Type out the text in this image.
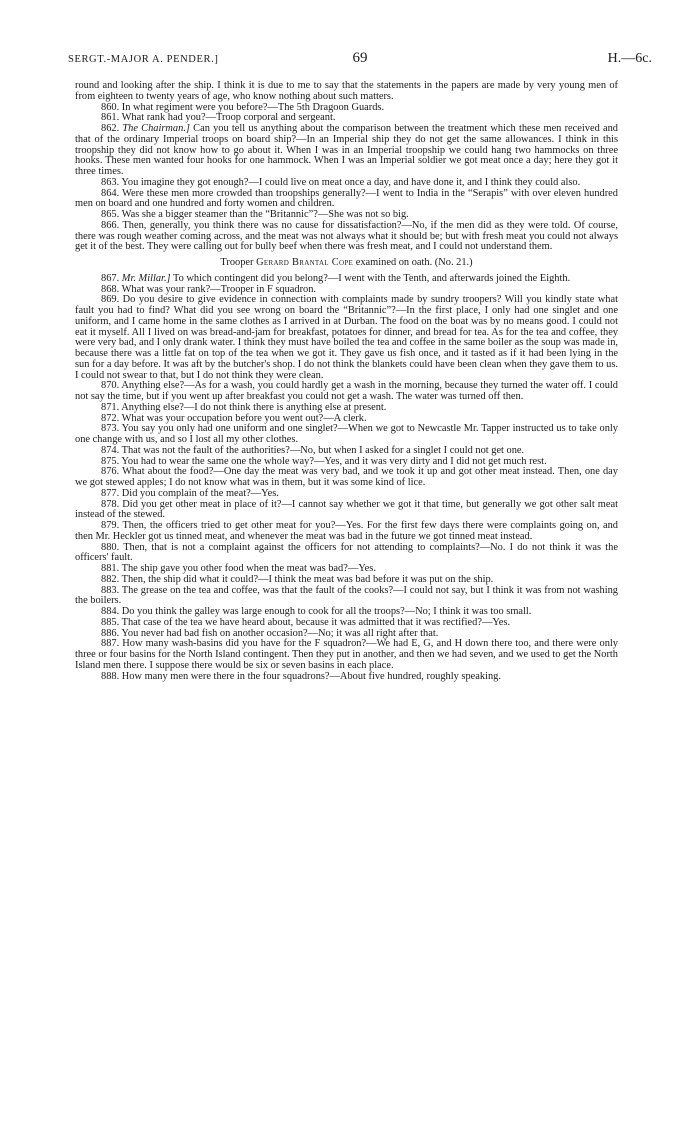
SERGT.-MAJOR A. PENDER.]	69	H.—6c.

round and looking after the ship. I think it is due to me to say that the statements in the papers are made by very young men of from eighteen to twenty years of age, who know nothing about such matters.

860. In what regiment were you before?—The 5th Dragoon Guards.

861. What rank had you?—Troop corporal and sergeant.

862. The Chairman.] Can you tell us anything about the comparison between the treatment which these men received and that of the ordinary Imperial troops on board ship?—In an Imperial ship they do not get the same allowances. I think in this troopship they did not know how to go about it. When I was in an Imperial troopship we could hang two hammocks on three hooks. These men wanted four hooks for one hammock. When I was an Imperial soldier we got meat once a day; here they got it three times.

863. You imagine they got enough?—I could live on meat once a day, and have done it, and I think they could also.

864. Were these men more crowded than troopships generally?—I went to India in the “Serapis” with over eleven hundred men on board and one hundred and forty women and children.

865. Was she a bigger steamer than the “Britannic”?—She was not so big.

866. Then, generally, you think there was no cause for dissatisfaction?—No, if the men did as they were told. Of course, there was rough weather coming across, and the meat was not always what it should be; but with fresh meat you could not always get it of the best. They were calling out for bully beef when there was fresh meat, and I could not understand them.

Trooper Gerard Brantal Cope examined on oath. (No. 21.)

867. Mr. Millar.] To which contingent did you belong?—I went with the Tenth, and afterwards joined the Eighth.

868. What was your rank?—Trooper in F squadron.

869. Do you desire to give evidence in connection with complaints made by sundry troopers? Will you kindly state what fault you had to find? What did you see wrong on board the “Britannic”?—In the first place, I only had one singlet and one uniform, and I came home in the same clothes as I arrived in at Durban. The food on the boat was by no means good. I could not eat it myself. All I lived on was bread-and-jam for breakfast, potatoes for dinner, and bread for tea. As for the tea and coffee, they were very bad, and I only drank water. I think they must have boiled the tea and coffee in the same boiler as the soup was made in, because there was a little fat on top of the tea when we got it. They gave us fish once, and it tasted as if it had been lying in the sun for a day before. It was aft by the butcher's shop. I do not think the blankets could have been clean when they gave them to us. I could not swear to that, but I do not think they were clean.

870. Anything else?—As for a wash, you could hardly get a wash in the morning, because they turned the water off. I could not say the time, but if you went up after breakfast you could not get a wash. The water was turned off then.

871. Anything else?—I do not think there is anything else at present.

872. What was your occupation before you went out?—A clerk.

873. You say you only had one uniform and one singlet?—When we got to Newcastle Mr. Tapper instructed us to take only one change with us, and so I lost all my other clothes.

874. That was not the fault of the authorities?—No, but when I asked for a singlet I could not get one.

875. You had to wear the same one the whole way?—Yes, and it was very dirty and I did not get much rest.

876. What about the food?—One day the meat was very bad, and we took it up and got other meat instead. Then, one day we got stewed apples; I do not know what was in them, but it was some kind of lice.

877. Did you complain of the meat?—Yes.

878. Did you get other meat in place of it?—I cannot say whether we got it that time, but generally we got other salt meat instead of the stewed.

879. Then, the officers tried to get other meat for you?—Yes. For the first few days there were complaints going on, and then Mr. Heckler got us tinned meat, and whenever the meat was bad in the future we got tinned meat instead.

880. Then, that is not a complaint against the officers for not attending to complaints?—No. I do not think it was the officers' fault.

881. The ship gave you other food when the meat was bad?—Yes.

882. Then, the ship did what it could?—I think the meat was bad before it was put on the ship.

883. The grease on the tea and coffee, was that the fault of the cooks?—I could not say, but I think it was from not washing the boilers.

884. Do you think the galley was large enough to cook for all the troops?—No; I think it was too small.

885. That case of the tea we have heard about, because it was admitted that it was rectified?—Yes.

886. You never had bad fish on another occasion?—No; it was all right after that.

887. How many wash-basins did you have for the F squadron?—We had E, G, and H down there too, and there were only three or four basins for the North Island contingent. Then they put in another, and then we had seven, and we used to get the North Island men there. I suppose there would be six or seven basins in each place.

888. How many men were there in the four squadrons?—About five hundred, roughly speaking.
